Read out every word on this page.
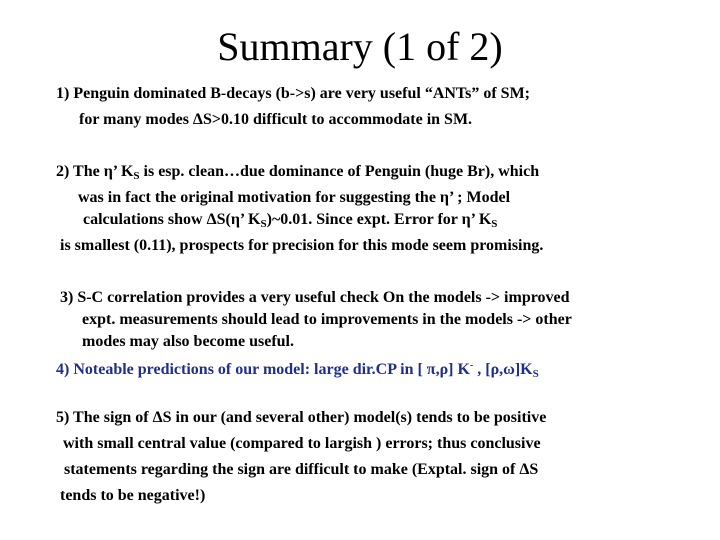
Summary (1 of 2)
1) Penguin dominated B-decays (b->s) are very useful “ANTs” of SM;
for many modes ΔS>0.10 difficult to accommodate in SM.
2) The η’ $K_S$ is esp. clean…due dominance of Penguin (huge Br), which
was in fact the original motivation for suggesting the η’ ; Model
calculations show ΔS(η’ $K_S)\sim 0.01$. Since expt. Error for η’ $K_S$
is smallest (0.11), prospects for precision for this mode seem promising.
3) S-C correlation provides a very useful check On the models -> improved
expt. measurements should lead to improvements in the models -> other
modes may also become useful.
4) Noteable predictions of our model: large dir.CP in [ π,ρ] K- , $[\rho,\omega]K_S$
5) The sign of ΔS in our (and several other) model(s) tends to be positive
with small central value (compared to largish ) errors; thus conclusive
statements regarding the sign are difficult to make (Exptal. sign of ΔS
tends to be negative!)
